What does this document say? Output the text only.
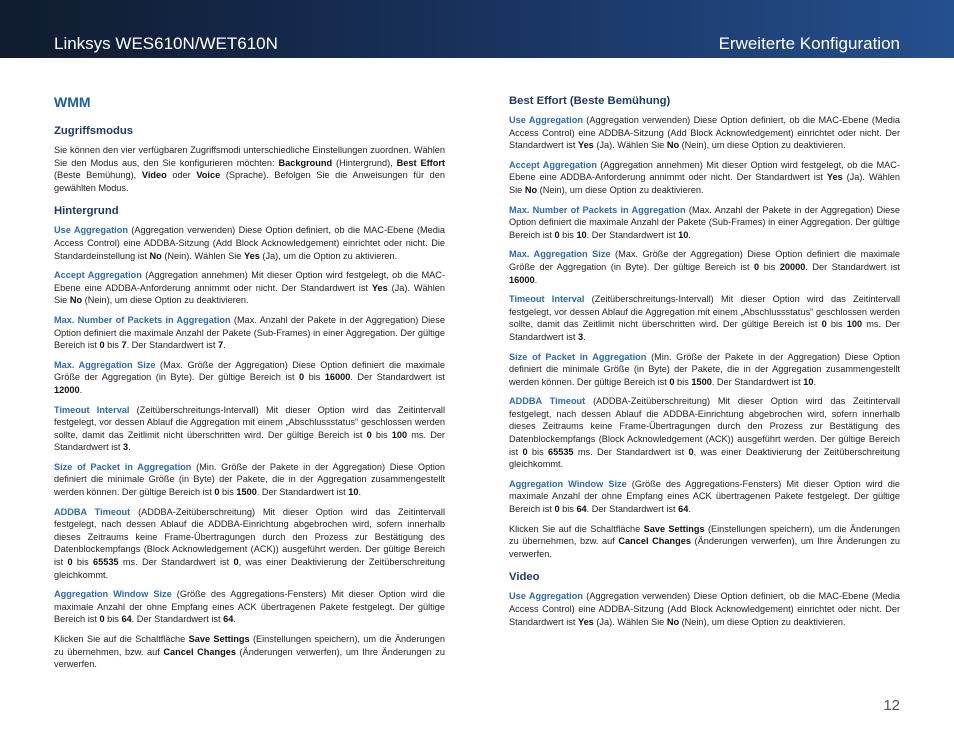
Linksys WES610N/WET610N	Erweiterte Konfiguration
WMM
Zugriffsmodus
Sie können den vier verfügbaren Zugriffsmodi unterschiedliche Einstellungen zuordnen. Wählen Sie den Modus aus, den Sie konfigurieren möchten: Background (Hintergrund), Best Effort (Beste Bemühung), Video oder Voice (Sprache). Befolgen Sie die Anweisungen für den gewählten Modus.
Hintergrund
Use Aggregation (Aggregation verwenden) Diese Option definiert, ob die MAC-Ebene (Media Access Control) eine ADDBA-Sitzung (Add Block Acknowledgement) einrichtet oder nicht. Die Standardeinstellung ist No (Nein). Wählen Sie Yes (Ja), um die Option zu aktivieren.
Accept Aggregation (Aggregation annehmen) Mit dieser Option wird festgelegt, ob die MAC-Ebene eine ADDBA-Anforderung annimmt oder nicht. Der Standardwert ist Yes (Ja). Wählen Sie No (Nein), um diese Option zu deaktivieren.
Max. Number of Packets in Aggregation (Max. Anzahl der Pakete in der Aggregation) Diese Option definiert die maximale Anzahl der Pakete (Sub-Frames) in einer Aggregation. Der gültige Bereich ist 0 bis 7. Der Standardwert ist 7.
Max. Aggregation Size (Max. Größe der Aggregation) Diese Option definiert die maximale Größe der Aggregation (in Byte). Der gültige Bereich ist 0 bis 16000. Der Standardwert ist 12000.
Timeout Interval (Zeitüberschreitungs-Intervall) Mit dieser Option wird das Zeitintervall festgelegt, vor dessen Ablauf die Aggregation mit einem „Abschlussstatus“ geschlossen werden sollte, damit das Zeitlimit nicht überschritten wird. Der gültige Bereich ist 0 bis 100 ms. Der Standardwert ist 3.
Size of Packet in Aggregation (Min. Größe der Pakete in der Aggregation) Diese Option definiert die minimale Größe (in Byte) der Pakete, die in der Aggregation zusammengestellt werden können. Der gültige Bereich ist 0 bis 1500. Der Standardwert ist 10.
ADDBA Timeout (ADDBA-Zeitüberschreitung) Mit dieser Option wird das Zeitintervall festgelegt, nach dessen Ablauf die ADDBA-Einrichtung abgebrochen wird, sofern innerhalb dieses Zeitraums keine Frame-Übertragungen durch den Prozess zur Bestätigung des Datenblockempfangs (Block Acknowledgement (ACK)) ausgeführt werden. Der gültige Bereich ist 0 bis 65535 ms. Der Standardwert ist 0, was einer Deaktivierung der Zeitüberschreitung gleichkommt.
Aggregation Window Size (Größe des Aggregations-Fensters) Mit dieser Option wird die maximale Anzahl der ohne Empfang eines ACK übertragenen Pakete festgelegt. Der gültige Bereich ist 0 bis 64. Der Standardwert ist 64.
Klicken Sie auf die Schaltfläche Save Settings (Einstellungen speichern), um die Änderungen zu übernehmen, bzw. auf Cancel Changes (Änderungen verwerfen), um Ihre Änderungen zu verwerfen.
Best Effort (Beste Bemühung)
Use Aggregation (Aggregation verwenden) Diese Option definiert, ob die MAC-Ebene (Media Access Control) eine ADDBA-Sitzung (Add Block Acknowledgement) einrichtet oder nicht. Der Standardwert ist Yes (Ja). Wählen Sie No (Nein), um diese Option zu deaktivieren.
Accept Aggregation (Aggregation annehmen) Mit dieser Option wird festgelegt, ob die MAC-Ebene eine ADDBA-Anforderung annimmt oder nicht. Der Standardwert ist Yes (Ja). Wählen Sie No (Nein), um diese Option zu deaktivieren.
Max. Number of Packets in Aggregation (Max. Anzahl der Pakete in der Aggregation) Diese Option definiert die maximale Anzahl der Pakete (Sub-Frames) in einer Aggregation. Der gültige Bereich ist 0 bis 10. Der Standardwert ist 10.
Max. Aggregation Size (Max. Größe der Aggregation) Diese Option definiert die maximale Größe der Aggregation (in Byte). Der gültige Bereich ist 0 bis 20000. Der Standardwert ist 16000.
Timeout Interval (Zeitüberschreitungs-Intervall) Mit dieser Option wird das Zeitintervall festgelegt, vor dessen Ablauf die Aggregation mit einem „Abschlussstatus“ geschlossen werden sollte, damit das Zeitlimit nicht überschritten wird. Der gültige Bereich ist 0 bis 100 ms. Der Standardwert ist 3.
Size of Packet in Aggregation (Min. Größe der Pakete in der Aggregation) Diese Option definiert die minimale Größe (in Byte) der Pakete, die in der Aggregation zusammengestellt werden können. Der gültige Bereich ist 0 bis 1500. Der Standardwert ist 10.
ADDBA Timeout (ADDBA-Zeitüberschreitung) Mit dieser Option wird das Zeitintervall festgelegt, nach dessen Ablauf die ADDBA-Einrichtung abgebrochen wird, sofern innerhalb dieses Zeitraums keine Frame-Übertragungen durch den Prozess zur Bestätigung des Datenblockempfangs (Block Acknowledgement (ACK)) ausgeführt werden. Der gültige Bereich ist 0 bis 65535 ms. Der Standardwert ist 0, was einer Deaktivierung der Zeitüberschreitung gleichkommt.
Aggregation Window Size (Größe des Aggregations-Fensters) Mit dieser Option wird die maximale Anzahl der ohne Empfang eines ACK übertragenen Pakete festgelegt. Der gültige Bereich ist 0 bis 64. Der Standardwert ist 64.
Klicken Sie auf die Schaltfläche Save Settings (Einstellungen speichern), um die Änderungen zu übernehmen, bzw. auf Cancel Changes (Änderungen verwerfen), um Ihre Änderungen zu verwerfen.
Video
Use Aggregation (Aggregation verwenden) Diese Option definiert, ob die MAC-Ebene (Media Access Control) eine ADDBA-Sitzung (Add Block Acknowledgement) einrichtet oder nicht. Der Standardwert ist Yes (Ja). Wählen Sie No (Nein), um diese Option zu deaktivieren.
12
